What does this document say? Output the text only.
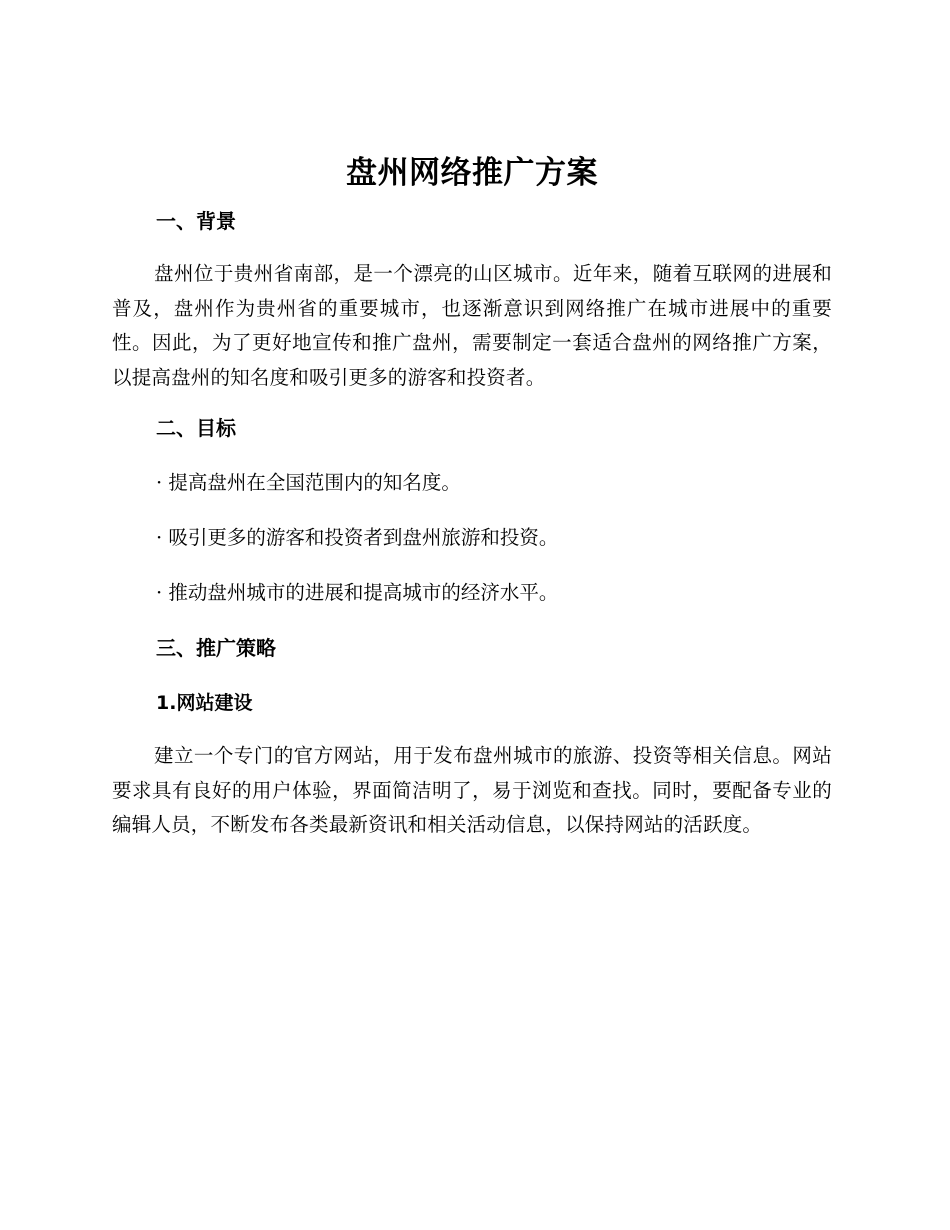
盘州网络推广方案
一、背景

盘州位于贵州省南部，是一个漂亮的山区城市。近年来，随着互联网的进展和普及，盘州作为贵州省的重要城市，也逐渐意识到网络推广在城市进展中的重要性。因此，为了更好地宣传和推广盘州，需要制定一套适合盘州的网络推广方案，以提高盘州的知名度和吸引更多的游客和投资者。

二、目标

· 提高盘州在全国范围内的知名度。

· 吸引更多的游客和投资者到盘州旅游和投资。

· 推动盘州城市的进展和提高城市的经济水平。

三、推广策略
1.网站建设

建立一个专门的官方网站，用于发布盘州城市的旅游、投资等相关信息。网站要求具有良好的用户体验，界面简洁明了，易于浏览和查找。同时，要配备专业的编辑人员，不断发布各类最新资讯和相关活动信息，以保持网站的活跃度。
